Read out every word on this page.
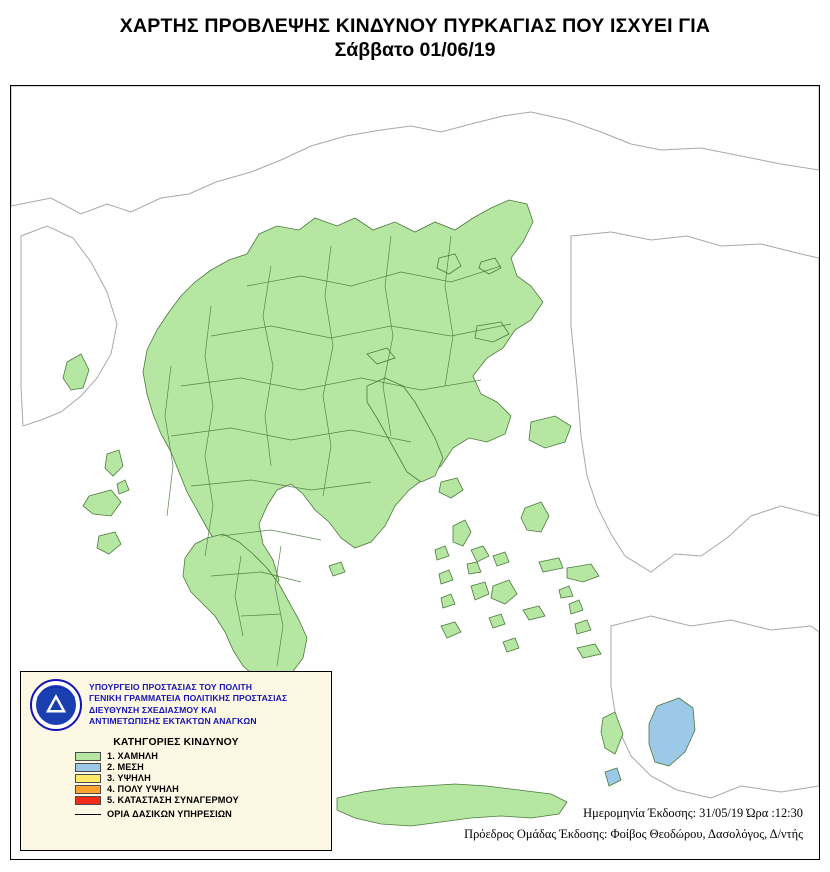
ΧΑΡΤΗΣ ΠΡΟΒΛΕΨΗΣ ΚΙΝΔΥΝΟΥ ΠΥΡΚΑΓΙΑΣ ΠΟΥ ΙΣΧΥΕΙ ΓΙΑ
Σάββατο 01/06/19
ΥΠΟΥΡΓΕΙΟ ΠΡΟΣΤΑΣΙΑΣ ΤΟΥ ΠΟΛΙΤΗ
ΓΕΝΙΚΗ ΓΡΑΜΜΑΤΕΙΑ ΠΟΛΙΤΙΚΗΣ ΠΡΟΣΤΑΣΙΑΣ
ΔΙΕΥΘΥΝΣΗ ΣΧΕΔΙΑΣΜΟΥ ΚΑΙ
ΑΝΤΙΜΕΤΩΠΙΣΗΣ ΕΚΤΑΚΤΩΝ ΑΝΑΓΚΩΝ
ΚΑΤΗΓΟΡΙΕΣ ΚΙΝΔΥΝΟΥ
1. ΧΑΜΗΛΗ
2. ΜΕΣΗ
3. ΥΨΗΛΗ
4. ΠΟΛΥ ΥΨΗΛΗ
5. ΚΑΤΑΣΤΑΣΗ ΣΥΝΑΓΕΡΜΟΥ
ΟΡΙΑ ΔΑΣΙΚΩΝ ΥΠΗΡΕΣΙΩΝ	Ημερομηνία Έκδοσης: 31/05/19 Ώρα :12:30
Πρόεδρος Ομάδας Έκδοσης: Φοίβος Θεοδώρου, Δασολόγος, Δ/ντής
